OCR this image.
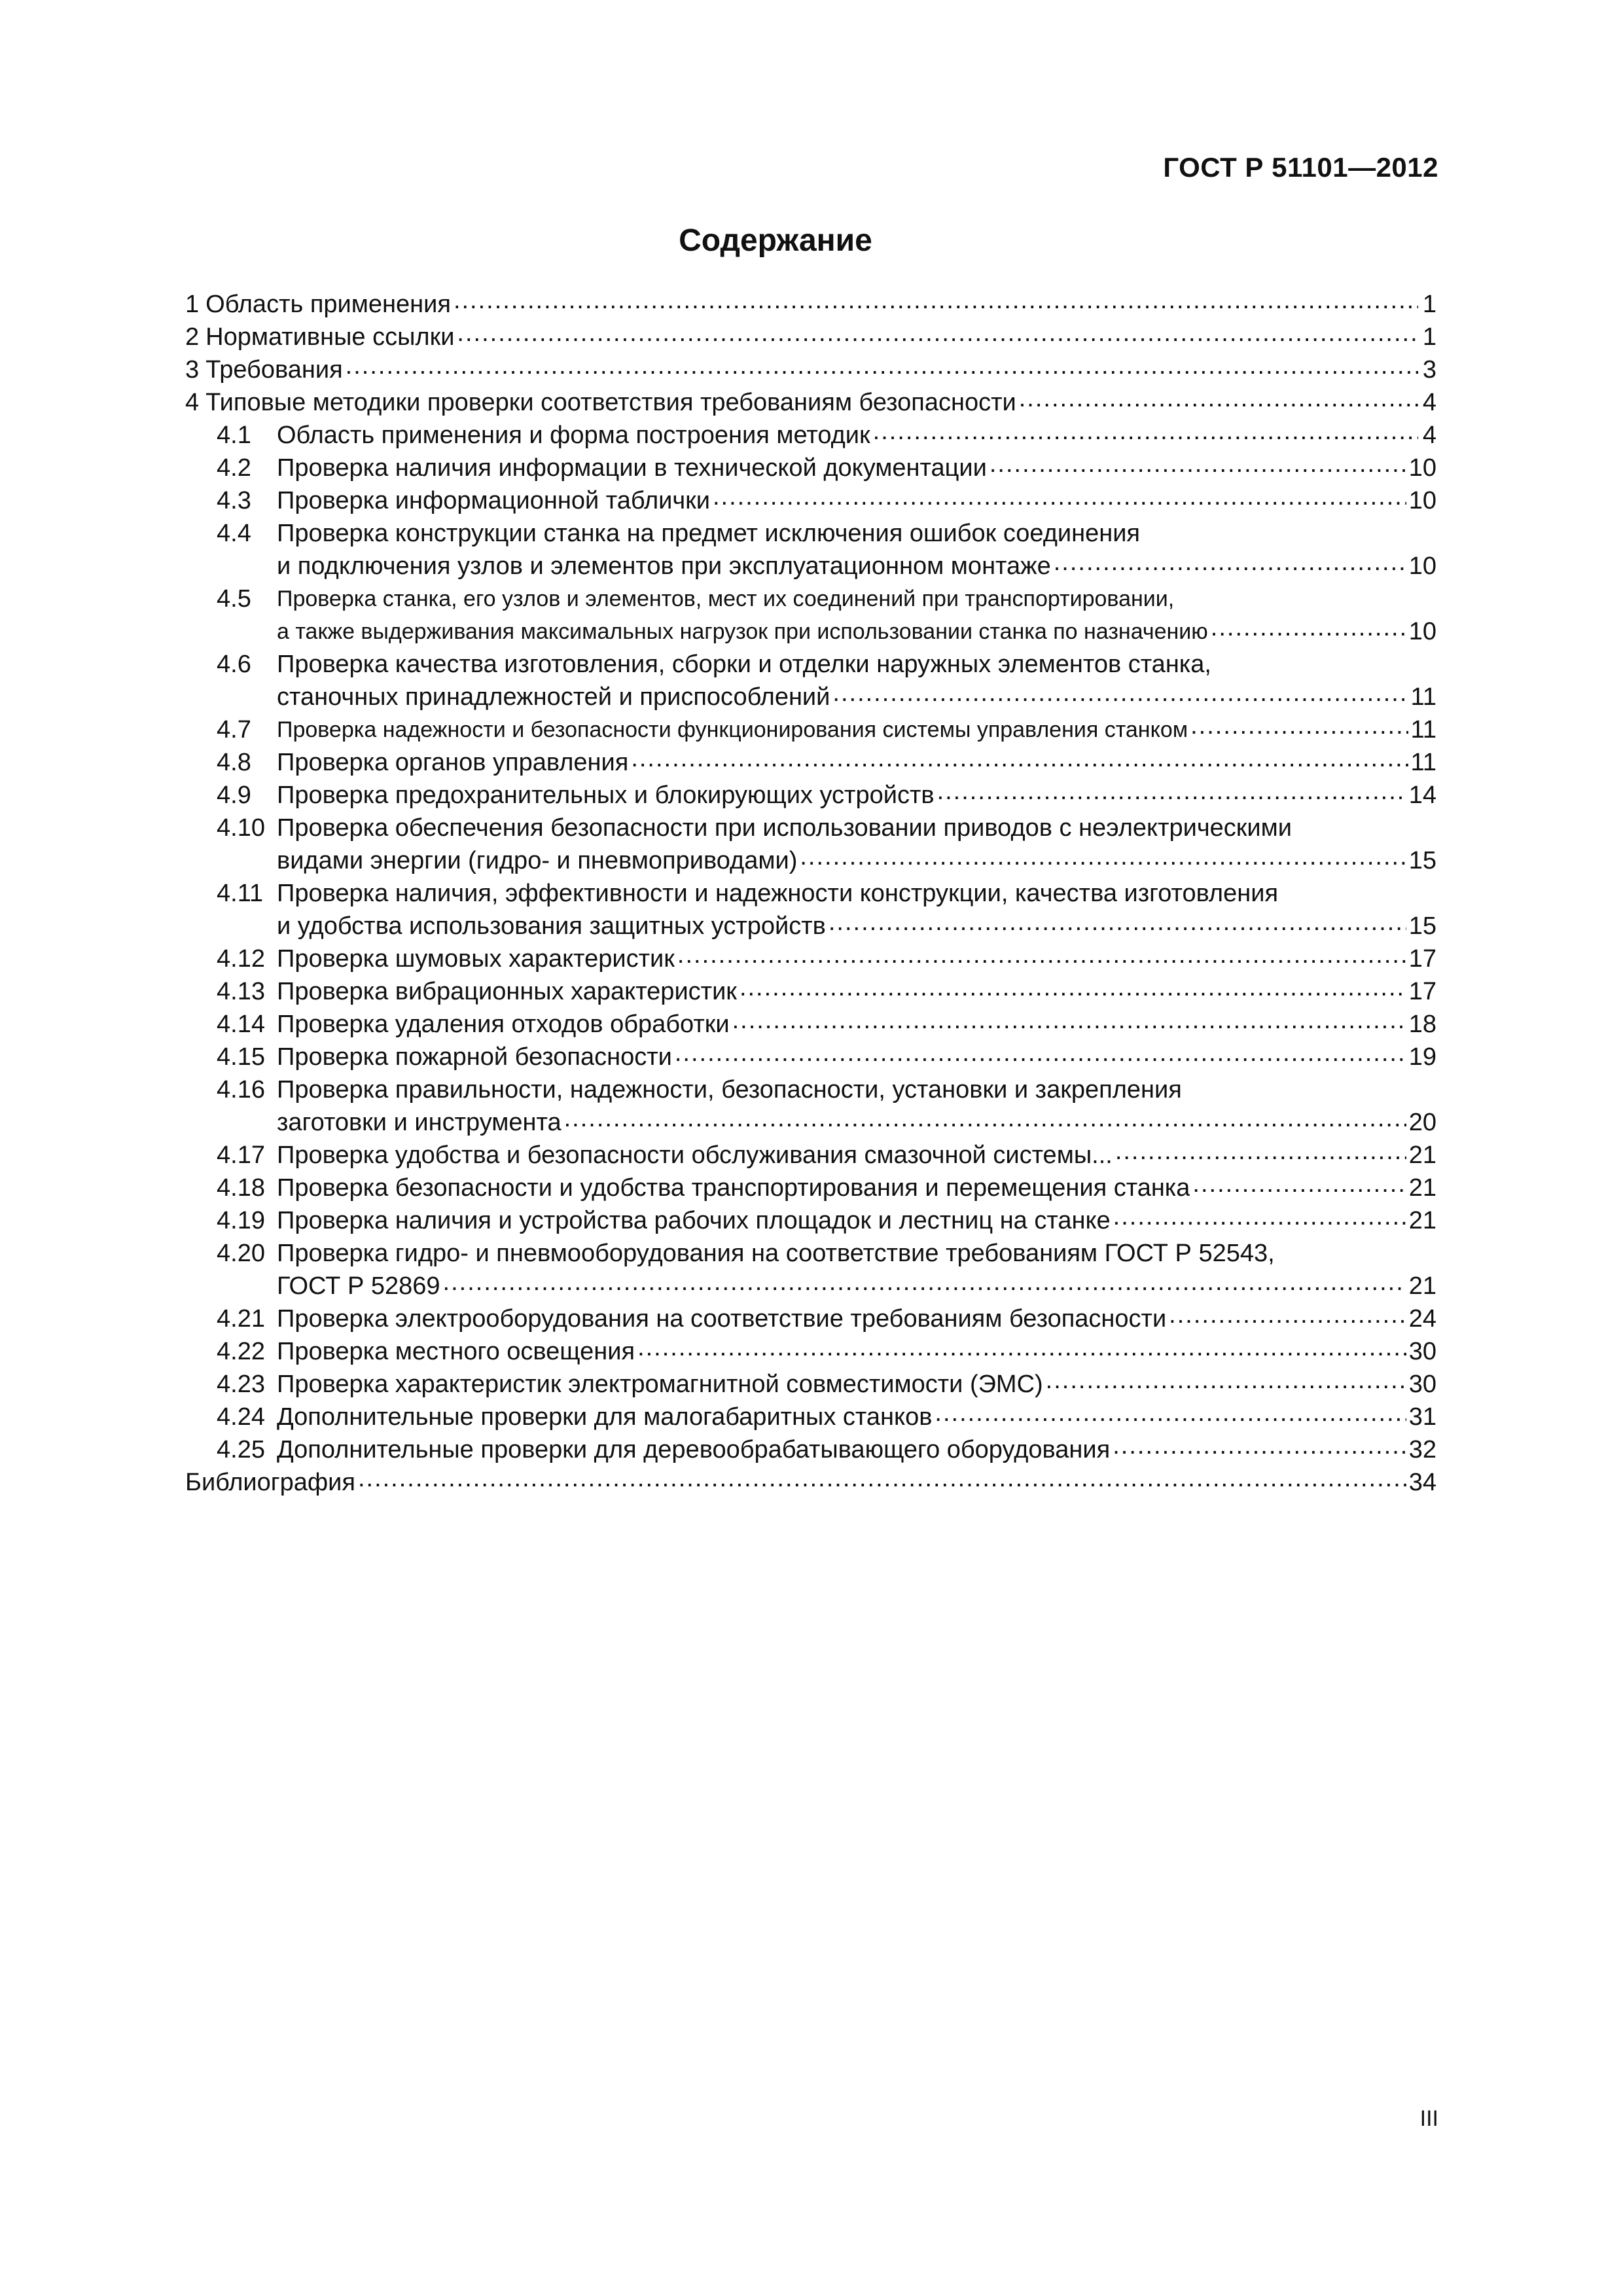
ГОСТ Р 51101—2012
Содержание
1 Область применения .....	1
2 Нормативные ссылки .....	1
3 Требования .....	3
4 Типовые методики проверки соответствия требованиям безопасности .....	4
4.1	Область применения и форма построения методик .....	4
4.2	Проверка наличия информации в технической документации .....	10
4.3	Проверка информационной таблички .....	10
4.4	Проверка конструкции станка на предмет исключения ошибок соединения
и подключения узлов и элементов при эксплуатационном монтаже .....	10
4.5	Проверка станка, его узлов и элементов, мест их соединений при транспортировании,
а также выдерживания максимальных нагрузок при использовании станка по назначению .....	10
4.6	Проверка качества изготовления, сборки и отделки наружных элементов станка,
станочных принадлежностей и приспособлений .....	11
4.7	Проверка надежности и безопасности функционирования системы управления станком .....	11
4.8	Проверка органов управления .....	11
4.9	Проверка предохранительных и блокирующих устройств .....	14
4.10 Проверка обеспечения безопасности при использовании приводов с неэлектрическими
видами энергии (гидро- и пневмоприводами) .....	15
4.11 Проверка наличия, эффективности и надежности конструкции, качества изготовления
и удобства использования защитных устройств .....	15
4.12 Проверка шумовых характеристик .....	17
4.13 Проверка вибрационных характеристик .....	17
4.14 Проверка удаления отходов обработки .....	18
4.15 Проверка пожарной безопасности .....	19
4.16 Проверка правильности, надежности, безопасности, установки и закрепления
заготовки и инструмента .....	20
4.17 Проверка удобства и безопасности обслуживания смазочной системы... .....	21
4.18 Проверка безопасности и удобства транспортирования и перемещения станка .....	21
4.19 Проверка наличия и устройства рабочих площадок и лестниц на станке .....	21
4.20 Проверка гидро- и пневмооборудования на соответствие требованиям ГОСТ Р 52543,
ГОСТ Р 52869 .....	21
4.21 Проверка электрооборудования на соответствие требованиям безопасности .....	24
4.22 Проверка местного освещения .....	30
4.23 Проверка характеристик электромагнитной совместимости (ЭМС) .....	30
4.24 Дополнительные проверки для малогабаритных станков .....	31
4.25 Дополнительные проверки для деревообрабатывающего оборудования .....	32
Библиография .....	34
III
